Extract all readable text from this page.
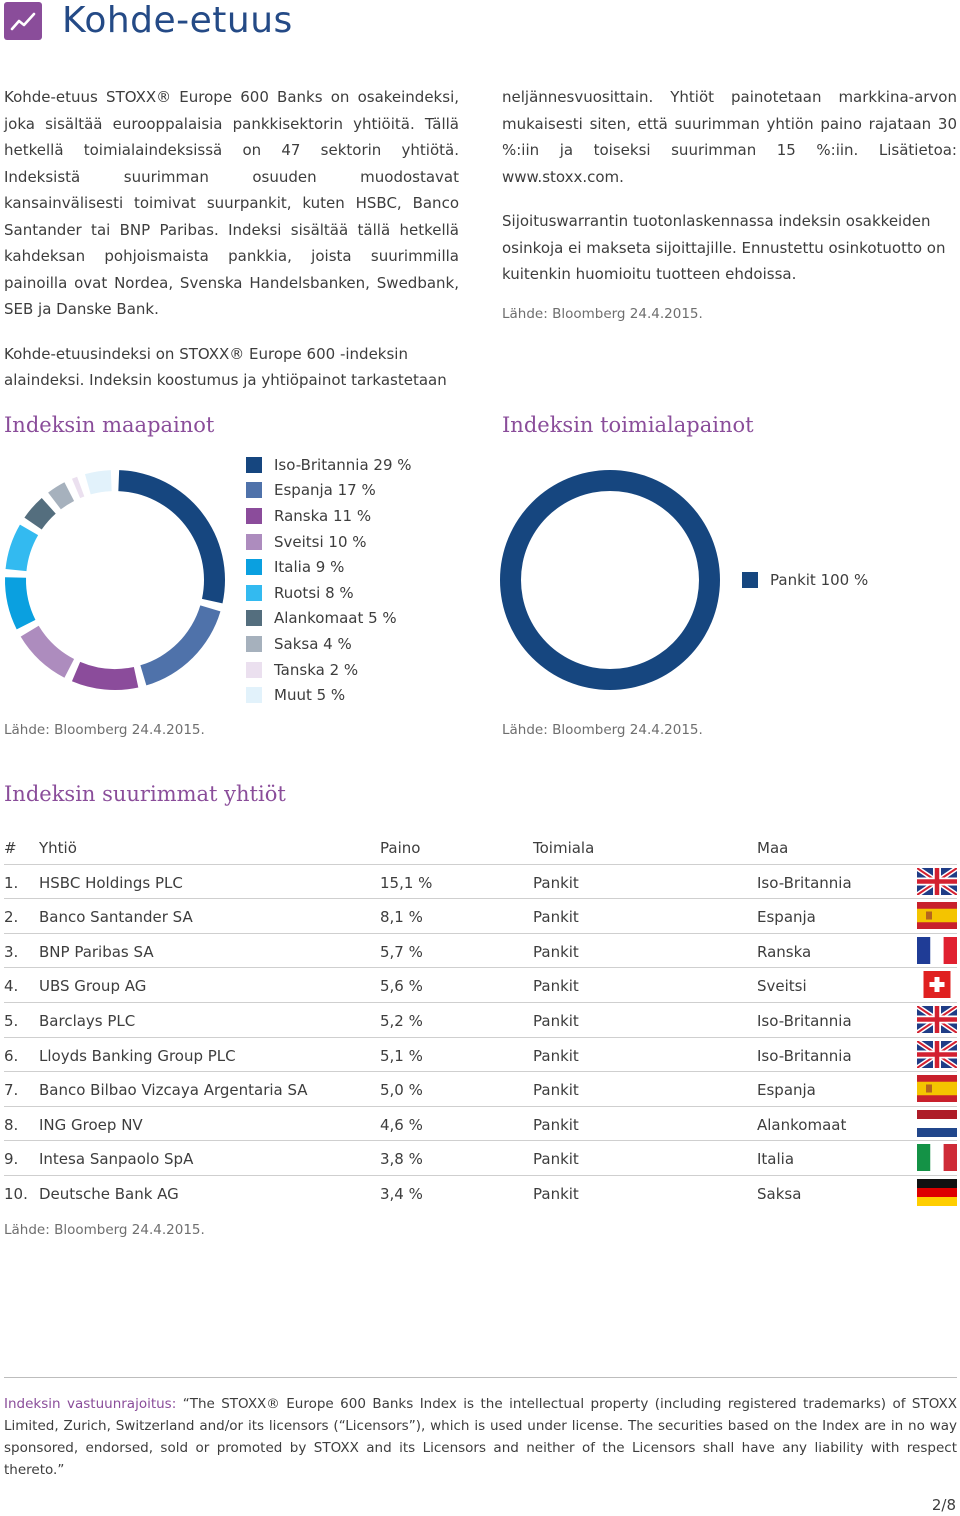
Kohde-etuus

Kohde-etuus STOXX® Europe 600 Banks on osakeindeksi, joka sisältää eurooppalaisia pankkisektorin yhtiöitä. Tällä hetkellä toimialaindeksissä on 47 sektorin yhtiötä. Indeksistä suurimman osuuden muodostavat kansainvälisesti toimivat suurpankit, kuten HSBC, Banco Santander tai BNP Paribas. Indeksi sisältää tällä hetkellä kahdeksan pohjoismaista pankkia, joista suurimmilla painoilla ovat Nordea, Svenska Handelsbanken, Swedbank, SEB ja Danske Bank.

Kohde-etuusindeksi on STOXX® Europe 600 -indeksin alaindeksi. Indeksin koostumus ja yhtiöpainot tarkastetaan

neljännesvuosittain. Yhtiöt painotetaan markkina-arvon mukaisesti siten, että suurimman yhtiön paino rajataan 30 %:iin ja toiseksi suurimman 15 %:iin. Lisätietoa: www.stoxx.com.

Sijoituswarrantin tuotonlaskennassa indeksin osakkeiden osinkoja ei makseta sijoittajille. Ennustettu osinkotuotto on kuitenkin huomioitu tuotteen ehdoissa.

Lähde: Bloomberg 24.4.2015.
Indeksin maapainot
Iso-Britannia 29 %
Espanja 17 %
Ranska 11 %
Sveitsi 10 %
Italia 9 %
Ruotsi 8 %
Alankomaat 5 %
Saksa 4 %
Tanska 2 %
Muut 5 %
Lähde: Bloomberg 24.4.2015.
Indeksin toimialapainot
Pankit 100 %
Lähde: Bloomberg 24.4.2015.
Indeksin suurimmat yhtiöt
# Yhtiö	Paino	Toimiala	Maa
1. HSBC Holdings PLC	15,1 %	Pankit	Iso-Britannia
2. Banco Santander SA	8,1 %	Pankit	Espanja
3. BNP Paribas SA	5,7 %	Pankit	Ranska
4. UBS Group AG	5,6 %	Pankit	Sveitsi
5. Barclays PLC	5,2 %	Pankit	Iso-Britannia
6. Lloyds Banking Group PLC	5,1 %	Pankit	Iso-Britannia
7. Banco Bilbao Vizcaya Argentaria SA	5,0 %	Pankit	Espanja
8. ING Groep NV	4,6 %	Pankit	Alankomaat
9. Intesa Sanpaolo SpA	3,8 %	Pankit	Italia
10. Deutsche Bank AG	3,4 %	Pankit	Saksa
Lähde: Bloomberg 24.4.2015.
Indeksin vastuunrajoitus: “The STOXX® Europe 600 Banks Index is the intellectual property (including registered trademarks) of STOXX Limited, Zurich, Switzerland and/or its licensors (“Licensors”), which is used under license. The securities based on the Index are in no way sponsored, endorsed, sold or promoted by STOXX and its Licensors and neither of the Licensors shall have any liability with respect thereto.”
2/8
